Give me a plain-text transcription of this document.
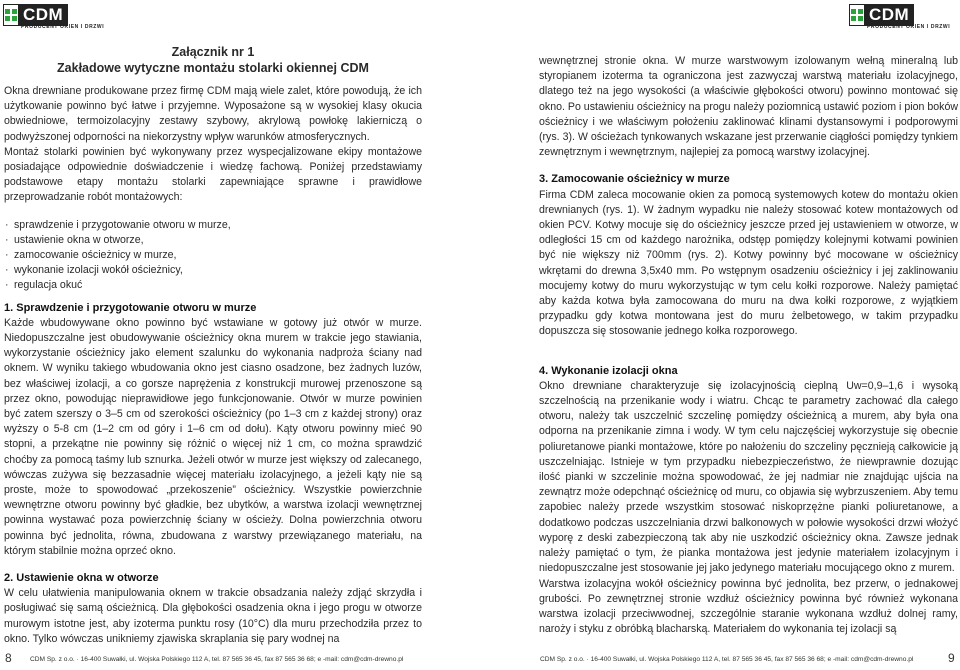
CDM
PRODUCENT OKIEN I DRZWI
CDM
PRODUCENT OKIEN I DRZWI
Załącznik nr 1
Zakładowe wytyczne montażu stolarki okiennej CDM

Okna drewniane produkowane przez firmę CDM mają wiele zalet, które powodują, że ich użytkowanie powinno być łatwe i przyjemne. Wyposażone są w wysokiej klasy okucia obwiedniowe, termoizolacyjny zestawy szybowy, akrylową powłokę lakierniczą o podwyższonej odporności na niekorzystny wpływ warunków atmosferycznych.

Montaż stolarki powinien być wykonywany przez wyspecjalizowane ekipy montażowe posiadające odpowiednie doświadczenie i wiedzę fachową. Poniżej przedstawiamy podstawowe etapy montażu stolarki zapewniające sprawne i prawidłowe przeprowadzanie robót montażowych:

· sprawdzenie i przygotowanie otworu w murze,
· ustawienie okna w otworze,
· zamocowanie ościeżnicy w murze,
· wykonanie izolacji wokół ościeżnicy,
· regulacja okuć

1. Sprawdzenie i przygotowanie otworu w murze

Każde wbudowywane okno powinno być wstawiane w gotowy już otwór w murze. Niedopuszczalne jest obudowywanie ościeżnicy okna murem w trakcie jego stawiania, wykorzystanie ościeżnicy jako element szalunku do wykonania nadproża ściany nad oknem. W wyniku takiego wbudowania okno jest ciasno osadzone, bez żadnych luzów, bez właściwej izolacji, a co gorsze naprężenia z konstrukcji murowej przenoszone są przez okno, powodując nieprawidłowe jego funkcjonowanie. Otwór w murze powinien być zatem szerszy o 3–5 cm od szerokości ościeżnicy (po 1–3 cm z każdej strony) oraz wyższy o 5-8 cm (1–2 cm od góry i 1–6 cm od dołu). Kąty otworu powinny mieć 90 stopni, a przekątne nie powinny się różnić o więcej niż 1 cm, co można sprawdzić choćby za pomocą taśmy lub sznurka. Jeżeli otwór w murze jest większy od zalecanego, wówczas zużywa się bezzasadnie więcej materiału izolacyjnego, a jeżeli kąty nie są proste, może to spowodować „przekoszenie” ościeżnicy. Wszystkie powierzchnie wewnętrzne otworu powinny być gładkie, bez ubytków, a warstwa izolacji wewnętrznej powinna wystawać poza powierzchnię ściany w ościeży. Dolna powierzchnia otworu powinna być jednolita, równa, zbudowana z warstwy przewiązanego materiału, na którym stabilnie można oprzeć okno.

2. Ustawienie okna w otworze

W celu ułatwienia manipulowania oknem w trakcie obsadzania należy zdjąć skrzydła i posługiwać się samą ościeżnicą. Dla głębokości osadzenia okna i jego progu w otworze murowym istotne jest, aby izoterma punktu rosy (10°C) dla muru przechodziła przez to okno. Tylko wówczas unikniemy zjawiska skraplania się pary wodnej na

wewnętrznej stronie okna. W murze warstwowym izolowanym wełną mineralną lub styropianem izoterma ta ograniczona jest zazwyczaj warstwą materiału izolacyjnego, dlatego też na jego wysokości (a właściwie głębokości otworu) powinno montować się okno. Po ustawieniu ościeżnicy na progu należy poziomnicą ustawić poziom i pion boków ościeżnicy i we właściwym położeniu zaklinować klinami dystansowymi i podporowymi (rys. 3). W ościeżach tynkowanych wskazane jest przerwanie ciągłości pomiędzy tynkiem zewnętrznym i wewnętrznym, najlepiej za pomocą warstwy izolacyjnej.

3. Zamocowanie ościeżnicy w murze

Firma CDM zaleca mocowanie okien za pomocą systemowych kotew do montażu okien drewnianych (rys. 1). W żadnym wypadku nie należy stosować kotew montażowych od okien PCV. Kotwy mocuje się do ościeżnicy jeszcze przed jej ustawieniem w otworze, w odległości 15 cm od każdego narożnika, odstęp pomiędzy kolejnymi kotwami powinien być nie większy niż 700mm (rys. 2). Kotwy powinny być mocowane w ościeżnicy wkrętami do drewna 3,5x40 mm. Po wstępnym osadzeniu ościeżnicy i jej zaklinowaniu mocujemy kotwy do muru wykorzystując w tym celu kołki rozporowe. Należy pamiętać aby każda kotwa była zamocowana do muru na dwa kołki rozporowe, z wyjątkiem przypadku gdy kotwa montowana jest do muru żelbetowego, w takim przypadku dopuszcza się stosowanie jednego kołka rozporowego.

4. Wykonanie izolacji okna

Okno drewniane charakteryzuje się izolacyjnością cieplną Uw=0,9–1,6 i wysoką szczelnością na przenikanie wody i wiatru. Chcąc te parametry zachować dla całego otworu, należy tak uszczelnić szczelinę pomiędzy ościeżnicą a murem, aby była ona odporna na przenikanie zimna i wody. W tym celu najczęściej wykorzystuje się obecnie poliuretanowe pianki montażowe, które po nałożeniu do szczeliny pęcznieją całkowicie ją uszczelniając. Istnieje w tym przypadku niebezpieczeństwo, że niewprawnie dozując ilość pianki w szczelinie można spowodować, że jej nadmiar nie znajdując ujścia na zewnątrz może odepchnąć ościeżnicę od muru, co objawia się wybrzuszeniem. Aby temu zapobiec należy przede wszystkim stosować niskoprzężne pianki poliuretanowe, a dodatkowo podczas uszczelniania drzwi balkonowych w połowie wysokości drzwi włożyć wyporę z deski zabezpieczoną tak aby nie uszkodzić ościeżnicy okna. Zawsze jednak należy pamiętać o tym, że pianka montażowa jest jedynie materiałem izolacyjnym i niedopuszczalne jest stosowanie jej jako jedynego materiału mocującego okno z murem.

Warstwa izolacyjna wokół ościeżnicy powinna być jednolita, bez przerw, o jednakowej grubości. Po zewnętrznej stronie wzdłuż ościeżnicy powinna być również wykonana warstwa izolacji przeciwwodnej, szczególnie staranie wykonana wzdłuż dolnej ramy, naroży i styku z obróbką blacharską. Materiałem do wykonania tej izolacji są

8	CDM Sp. z o.o. · 16-400 Suwałki, ul. Wojska Polskiego 112 A, tel. 87 565 36 45, fax 87 565 36 68; e -mail: cdm@cdm-drewno.pl	CDM Sp. z o.o. · 16-400 Suwałki, ul. Wojska Polskiego 112 A, tel. 87 565 36 45, fax 87 565 36 68; e -mail: cdm@cdm-drewno.pl	9
